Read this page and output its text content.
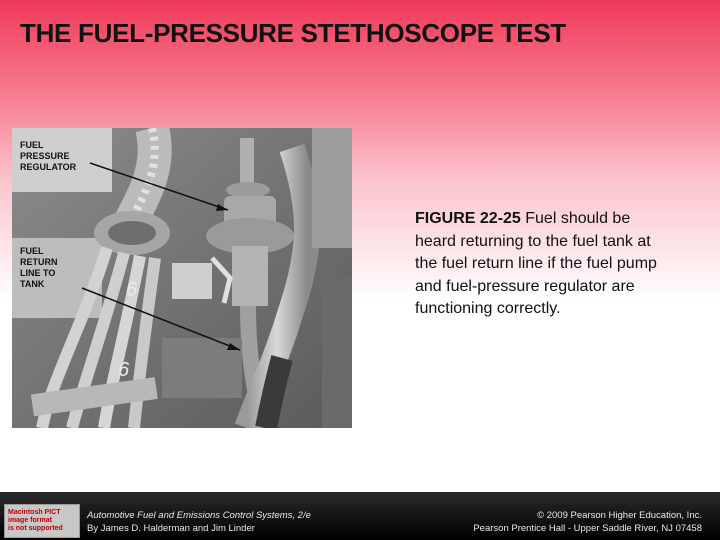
THE FUEL-PRESSURE STETHOSCOPE TEST
6
6
FUEL
PRESSURE
REGULATOR
FUEL
RETURN
LINE TO
TANK
FIGURE 22-25 Fuel should be heard returning to the fuel tank at the fuel return line if the fuel pump and fuel-pressure regulator are functioning correctly.
Macintosh PICT
image format
is not supported
Automotive Fuel and Emissions Control Systems, 2/e
By James D. Halderman and Jim Linder
© 2009 Pearson Higher Education, Inc.
Pearson Prentice Hall - Upper Saddle River, NJ 07458
